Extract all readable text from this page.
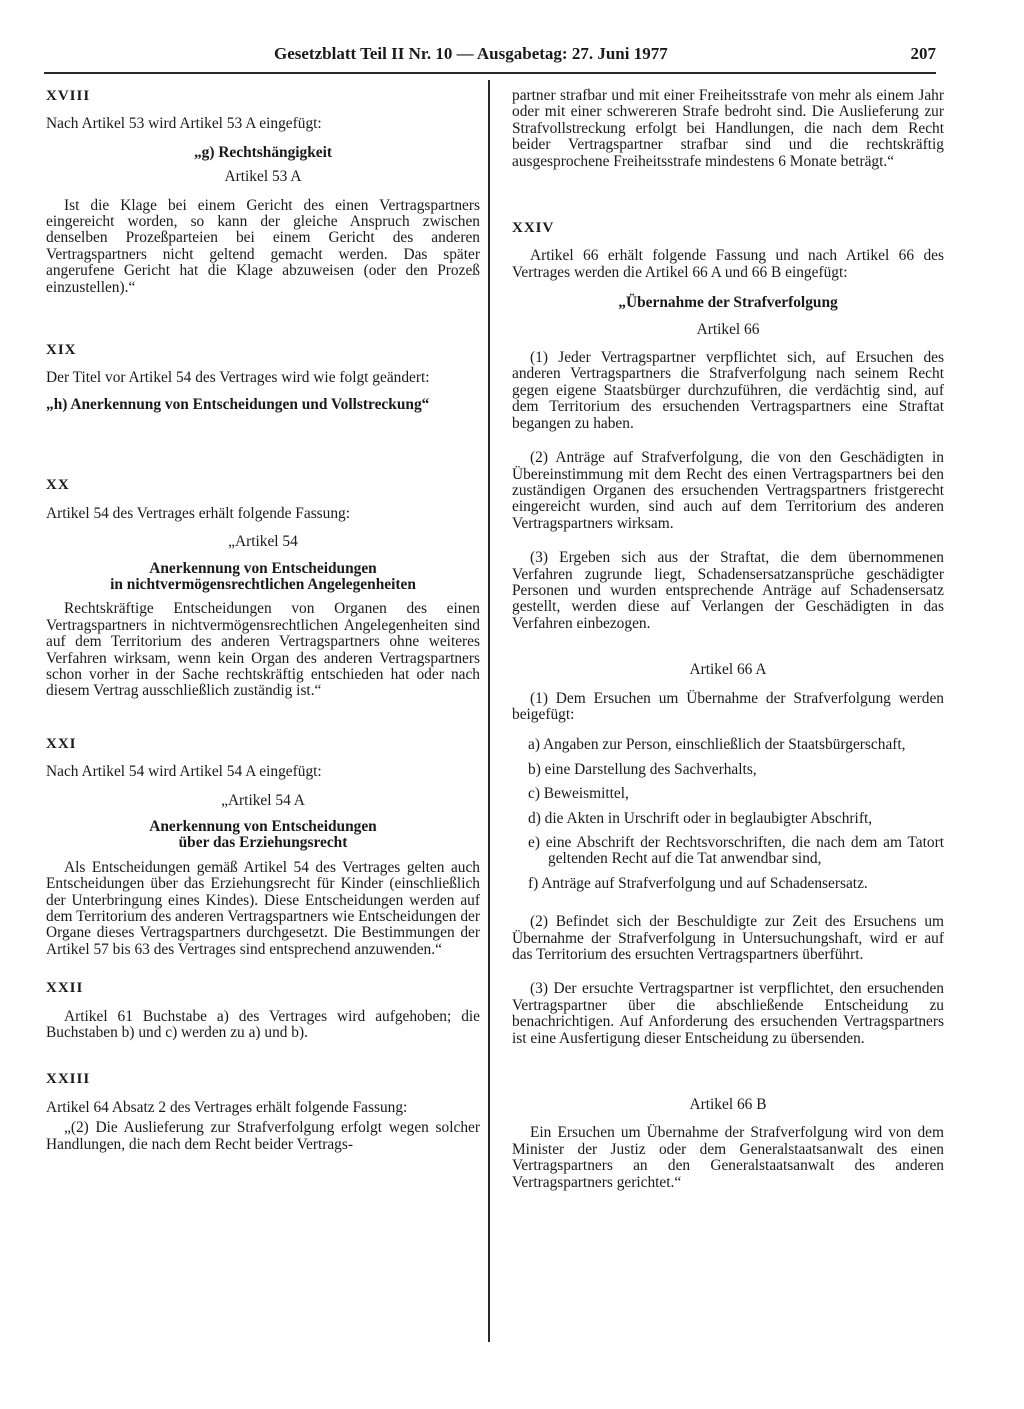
Gesetzblatt Teil II Nr. 10 — Ausgabetag: 27. Juni 1977	207

XVIII

Nach Artikel 53 wird Artikel 53 A eingefügt:

„g) Rechtshängigkeit

Artikel 53 A

Ist die Klage bei einem Gericht des einen Vertragspartners eingereicht worden, so kann der gleiche Anspruch zwischen denselben Prozeßparteien bei einem Gericht des anderen Vertragspartners nicht geltend gemacht werden. Das später angerufene Gericht hat die Klage abzuweisen (oder den Prozeß einzustellen).“

XIX

Der Titel vor Artikel 54 des Vertrages wird wie folgt geändert:

„h) Anerkennung von Entscheidungen und Vollstreckung“

XX

Artikel 54 des Vertrages erhält folgende Fassung:

„Artikel 54

Anerkennung von Entscheidungen

in nichtvermögensrechtlichen Angelegenheiten

Rechtskräftige Entscheidungen von Organen des einen Vertragspartners in nichtvermögensrechtlichen Angelegenheiten sind auf dem Territorium des anderen Vertragspartners ohne weiteres Verfahren wirksam, wenn kein Organ des anderen Vertragspartners schon vorher in der Sache rechtskräftig entschieden hat oder nach diesem Vertrag ausschließlich zuständig ist.“

XXI

Nach Artikel 54 wird Artikel 54 A eingefügt:

„Artikel 54 A

Anerkennung von Entscheidungen

über das Erziehungsrecht

Als Entscheidungen gemäß Artikel 54 des Vertrages gelten auch Entscheidungen über das Erziehungsrecht für Kinder (einschließlich der Unterbringung eines Kindes). Diese Entscheidungen werden auf dem Territorium des anderen Vertragspartners wie Entscheidungen der Organe dieses Vertragspartners durchgesetzt. Die Bestimmungen der Artikel 57 bis 63 des Vertrages sind entsprechend anzuwenden.“

XXII

Artikel 61 Buchstabe a) des Vertrages wird aufgehoben; die Buchstaben b) und c) werden zu a) und b).

XXIII

Artikel 64 Absatz 2 des Vertrages erhält folgende Fassung:

„(2) Die Auslieferung zur Strafverfolgung erfolgt wegen solcher Handlungen, die nach dem Recht beider Vertrags-

partner strafbar und mit einer Freiheitsstrafe von mehr als einem Jahr oder mit einer schwereren Strafe bedroht sind. Die Auslieferung zur Strafvollstreckung erfolgt bei Handlungen, die nach dem Recht beider Vertragspartner strafbar sind und die rechtskräftig ausgesprochene Freiheitsstrafe mindestens 6 Monate beträgt.“

XXIV

Artikel 66 erhält folgende Fassung und nach Artikel 66 des Vertrages werden die Artikel 66 A und 66 B eingefügt:

„Übernahme der Strafverfolgung

Artikel 66

(1) Jeder Vertragspartner verpflichtet sich, auf Ersuchen des anderen Vertragspartners die Strafverfolgung nach seinem Recht gegen eigene Staatsbürger durchzuführen, die verdächtig sind, auf dem Territorium des ersuchenden Vertragspartners eine Straftat begangen zu haben.

(2) Anträge auf Strafverfolgung, die von den Geschädigten in Übereinstimmung mit dem Recht des einen Vertragspartners bei den zuständigen Organen des ersuchenden Vertragspartners fristgerecht eingereicht wurden, sind auch auf dem Territorium des anderen Vertragspartners wirksam.

(3) Ergeben sich aus der Straftat, die dem übernommenen Verfahren zugrunde liegt, Schadensersatzansprüche geschädigter Personen und wurden entsprechende Anträge auf Schadensersatz gestellt, werden diese auf Verlangen der Geschädigten in das Verfahren einbezogen.

Artikel 66 A

(1) Dem Ersuchen um Übernahme der Strafverfolgung werden beigefügt:

a) Angaben zur Person, einschließlich der Staatsbürgerschaft,

b) eine Darstellung des Sachverhalts,

c) Beweismittel,

d) die Akten in Urschrift oder in beglaubigter Abschrift,

e) eine Abschrift der Rechtsvorschriften, die nach dem am Tatort geltenden Recht auf die Tat anwendbar sind,

f) Anträge auf Strafverfolgung und auf Schadensersatz.

(2) Befindet sich der Beschuldigte zur Zeit des Ersuchens um Übernahme der Strafverfolgung in Untersuchungshaft, wird er auf das Territorium des ersuchten Vertragspartners überführt.

(3) Der ersuchte Vertragspartner ist verpflichtet, den ersuchenden Vertragspartner über die abschließende Entscheidung zu benachrichtigen. Auf Anforderung des ersuchenden Vertragspartners ist eine Ausfertigung dieser Entscheidung zu übersenden.

Artikel 66 B

Ein Ersuchen um Übernahme der Strafverfolgung wird von dem Minister der Justiz oder dem Generalstaatsanwalt des einen Vertragspartners an den Generalstaatsanwalt des anderen Vertragspartners gerichtet.“
